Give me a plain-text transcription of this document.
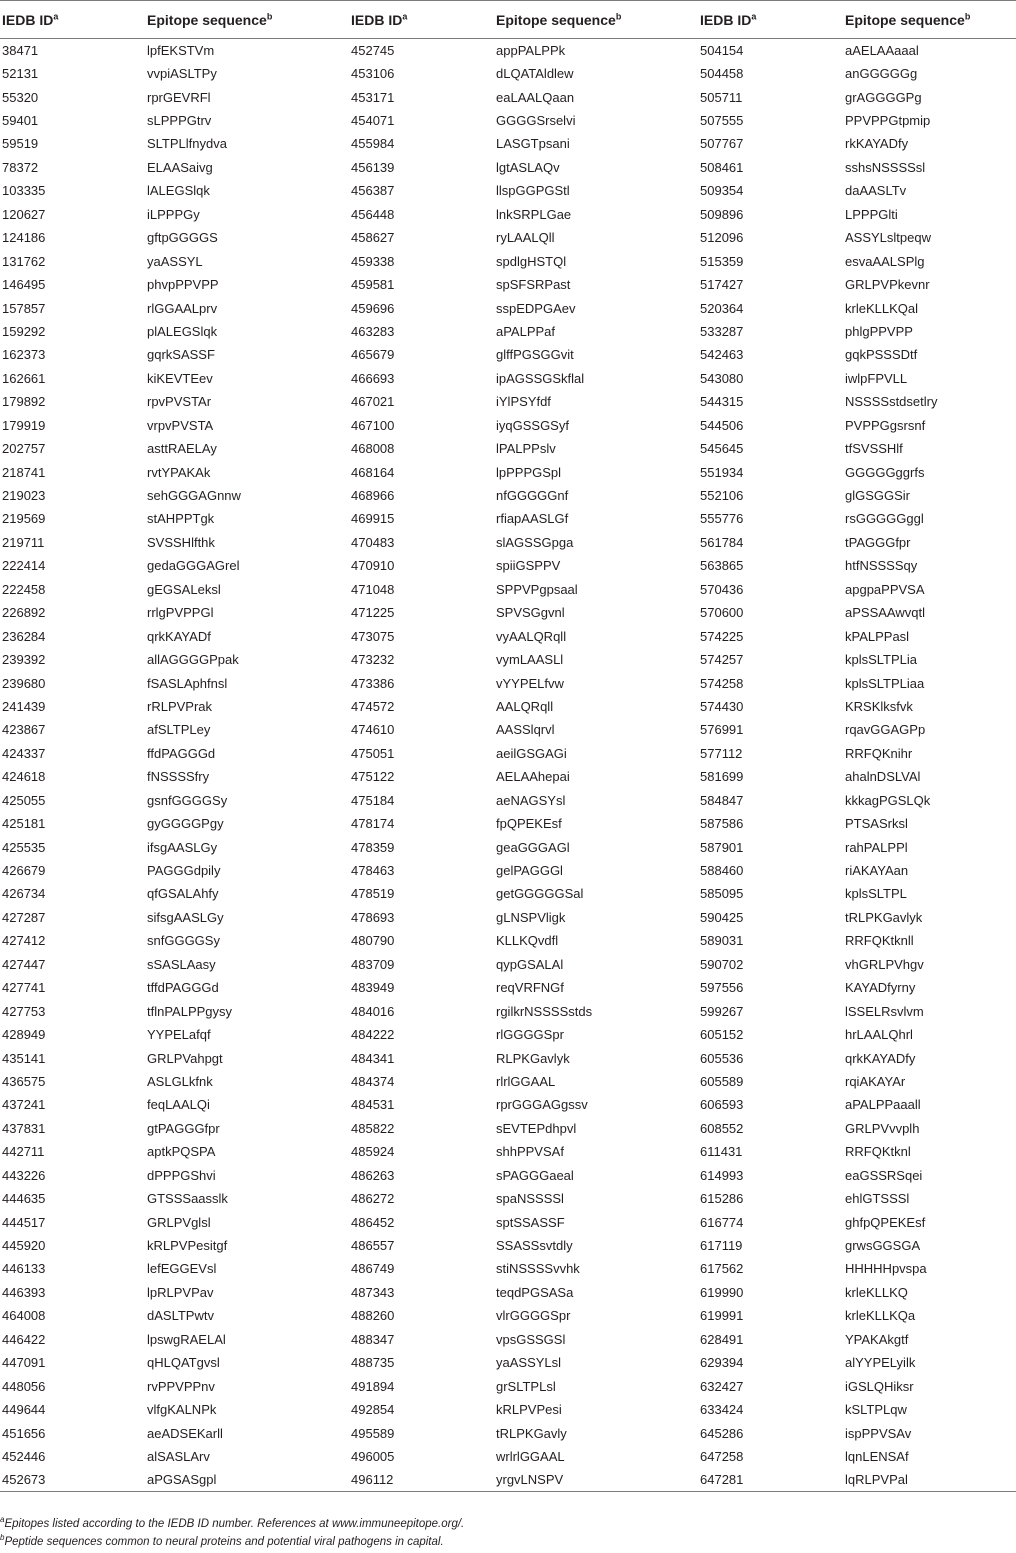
IEDB $ID^a$	Epitope sequence$^b$	IEDB $ID^a$	Epitope sequence$^b$	IEDB $ID^a$	Epitope sequence$^b$
38471	lpfEKSTVm	452745	appPALPPk	504154	aAELAAaaal
52131	vvpiASLTPy	453106	dLQATAldlew	504458	anGGGGGg
55320	rprGEVRFl	453171	eaLAALQaan	505711	grAGGGGPg
59401	sLPPPGtrv	454071	GGGGSrselvi	507555	PPVPPGtpmip
59519	SLTPLlfnydva	455984	LASGTpsani	507767	rkKAYADfy
78372	ELAASaivg	456139	lgtASLAQv	508461	sshsNSSSSsl
103335	lALEGSlqk	456387	llspGGPGStl	509354	daAASLTv
120627	iLPPPGy	456448	lnkSRPLGae	509896	LPPPGlti
124186	gftpGGGGS	458627	ryLAALQll	512096	ASSYLsltpeqw
131762	yaASSYL	459338	spdlgHSTQl	515359	esvaAALSPlg
146495	phvpPPVPP	459581	spSFSRPast	517427	GRLPVPkevnr
157857	rlGGAALprv	459696	sspEDPGAev	520364	krleKLLKQal
159292	plALEGSlqk	463283	aPALPPaf	533287	phlgPPVPP
162373	gqrkSASSF	465679	glffPGSGGvit	542463	gqkPSSSDtf
162661	kiKEVTEev	466693	ipAGSSGSkflal	543080	iwlpFPVLL
179892	rpvPVSTAr	467021	iYlPSYfdf	544315	NSSSSstdsetlry
179919	vrpvPVSTA	467100	iyqGSSGSyf	544506	PVPPGgsrsnf
202757	asttRAELAy	468008	lPALPPslv	545645	tfSVSSHlf
218741	rvtYPAKAk	468164	lpPPPGSpl	551934	GGGGGggrfs
219023	sehGGGAGnnw	468966	nfGGGGGnf	552106	glGSGGSir
219569	stAHPPTgk	469915	rfiapAASLGf	555776	rsGGGGGggl
219711	SVSSHlfthk	470483	slAGSSGpga	561784	tPAGGGfpr
222414	gedaGGGAGrel	470910	spiiGSPPV	563865	htfNSSSSqy
222458	gEGSALeksl	471048	SPPVPgpsaal	570436	apgpaPPVSA
226892	rrlgPVPPGl	471225	SPVSGgvnl	570600	aPSSAAwvqtl
236284	qrkKAYADf	473075	vyAALQRqll	574225	kPALPPasl
239392	allAGGGGPpak	473232	vymLAASLl	574257	kplsSLTPLia
239680	fSASLAphfnsl	473386	vYYPELfvw	574258	kplsSLTPLiaa
241439	rRLPVPrak	474572	AALQRqll	574430	KRSKlksfvk
423867	afSLTPLey	474610	AASSlqrvl	576991	rqavGGAGPp
424337	ffdPAGGGd	475051	aeilGSGAGi	577112	RRFQKnihr
424618	fNSSSSfry	475122	AELAAhepai	581699	ahalnDSLVAl
425055	gsnfGGGGSy	475184	aeNAGSYsl	584847	kkkagPGSLQk
425181	gyGGGGPgy	478174	fpQPEKEsf	587586	PTSASrksl
425535	ifsgAASLGy	478359	geaGGGAGl	587901	rahPALPPl
426679	PAGGGdpily	478463	gelPAGGGl	588460	riAKAYAan
426734	qfGSALAhfy	478519	getGGGGGSal	585095	kplsSLTPL
427287	sifsgAASLGy	478693	gLNSPVligk	590425	tRLPKGavlyk
427412	snfGGGGSy	480790	KLLKQvdfl	589031	RRFQKtknll
427447	sSASLAasy	483709	qypGSALAl	590702	vhGRLPVhgv
427741	tffdPAGGGd	483949	reqVRFNGf	597556	KAYADfyrny
427753	tflnPALPPgysy	484016	rgilkrNSSSSstds	599267	lSSELRsvlvm
428949	YYPELafqf	484222	rlGGGGSpr	605152	hrLAALQhrl
435141	GRLPVahpgt	484341	RLPKGavlyk	605536	qrkKAYADfy
436575	ASLGLkfnk	484374	rlrlGGAAL	605589	rqiAKAYAr
437241	feqLAALQi	484531	rprGGGAGgssv	606593	aPALPPaaall
437831	gtPAGGGfpr	485822	sEVTEPdhpvl	608552	GRLPVvvplh
442711	aptkPQSPA	485924	shhPPVSAf	611431	RRFQKtknl
443226	dPPPGShvi	486263	sPAGGGaeal	614993	eaGSSRSqei
444635	GTSSSaasslk	486272	spaNSSSSl	615286	ehlGTSSSl
444517	GRLPVglsl	486452	sptSSASSF	616774	ghfpQPEKEsf
445920	kRLPVPesitgf	486557	SSASSsvtdly	617119	grwsGGSGA
446133	lefEGGEVsl	486749	stiNSSSSvvhk	617562	HHHHHpvspa
446393	lpRLPVPav	487343	teqdPGSASa	619990	krleKLLKQ
464008	dASLTPwtv	488260	vlrGGGGSpr	619991	krleKLLKQa
446422	lpswgRAELAl	488347	vpsGSSGSl	628491	YPAKAkgtf
447091	qHLQATgvsl	488735	yaASSYLsl	629394	alYYPELyilk
448056	rvPPVPPnv	491894	grSLTPLsl	632427	iGSLQHiksr
449644	vlfgKALNPk	492854	kRLPVPesi	633424	kSLTPLqw
451656	aeADSEKarll	495589	tRLPKGavly	645286	ispPPVSAv
452446	alSASLArv	496005	wrlrlGGAAL	647258	lqnLENSAf
452673	aPGSASgpl	496112	yrgvLNSPV	647281	lqRLPVPal
$^a$Epitopes listed according to the IEDB ID number. References at www.immuneepitope.org/.
$^b$Peptide sequences common to neural proteins and potential viral pathogens in capital.
